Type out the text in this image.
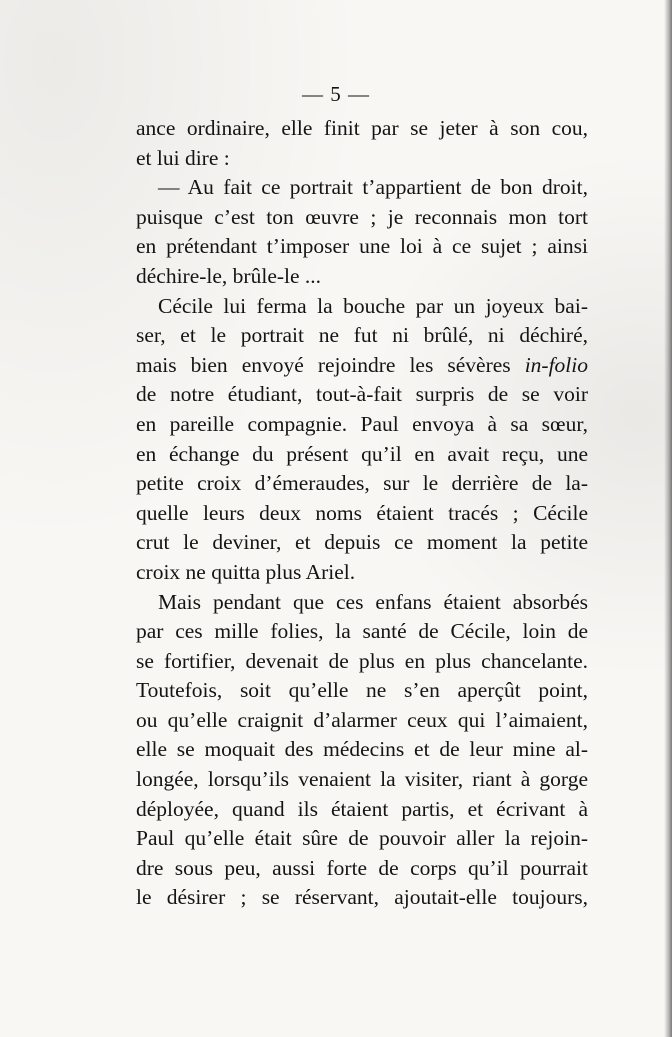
— 5 —
ance ordinaire, elle finit par se jeter à son cou,
et lui dire :
— Au fait ce portrait t’appartient de bon droit,
puisque c’est ton œuvre ; je reconnais mon tort
en prétendant t’imposer une loi à ce sujet ; ainsi
déchire-le, brûle-le ...
Cécile lui ferma la bouche par un joyeux bai-
ser, et le portrait ne fut ni brûlé, ni déchiré,
mais bien envoyé rejoindre les sévères in-folio
de notre étudiant, tout-à-fait surpris de se voir
en pareille compagnie. Paul envoya à sa sœur,
en échange du présent qu’il en avait reçu, une
petite croix d’émeraudes, sur le derrière de la-
quelle leurs deux noms étaient tracés ; Cécile
crut le deviner, et depuis ce moment la petite
croix ne quitta plus Ariel.
Mais pendant que ces enfans étaient absorbés
par ces mille folies, la santé de Cécile, loin de
se fortifier, devenait de plus en plus chancelante.
Toutefois, soit qu’elle ne s’en aperçût point,
ou qu’elle craignit d’alarmer ceux qui l’aimaient,
elle se moquait des médecins et de leur mine al-
longée, lorsqu’ils venaient la visiter, riant à gorge
déployée, quand ils étaient partis, et écrivant à
Paul qu’elle était sûre de pouvoir aller la rejoin-
dre sous peu, aussi forte de corps qu’il pourrait
le désirer ; se réservant, ajoutait-elle toujours,
